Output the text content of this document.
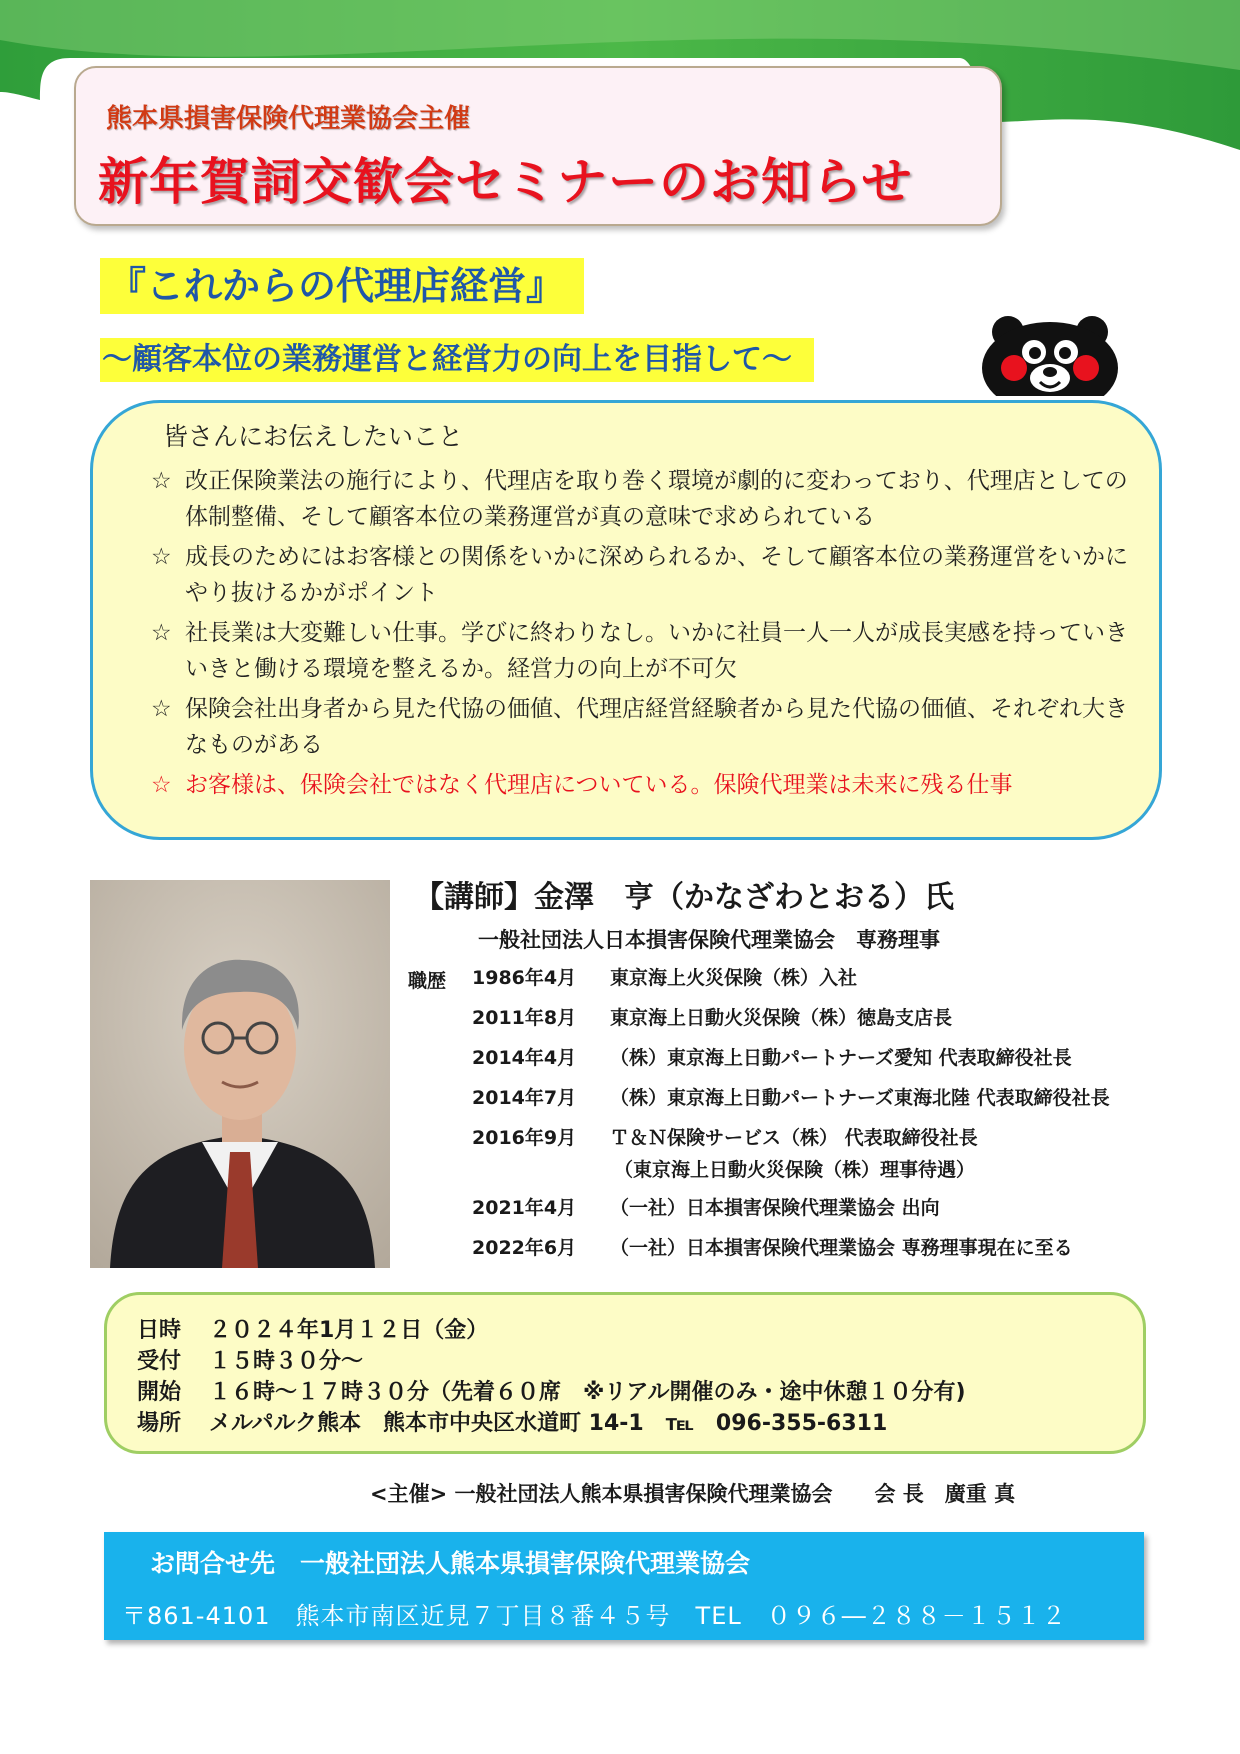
熊本県損害保険代理業協会主催
新年賀詞交歓会セミナーのお知らせ
『これからの代理店経営』
～顧客本位の業務運営と経営力の向上を目指して～
皆さんにお伝えしたいこと
☆ 改正保険業法の施行により、代理店を取り巻く環境が劇的に変わっており、代理店としての体制整備、そして顧客本位の業務運営が真の意味で求められている
☆ 成長のためにはお客様との関係をいかに深められるか、そして顧客本位の業務運営をいかにやり抜けるかがポイント
☆ 社長業は大変難しい仕事。学びに終わりなし。いかに社員一人一人が成長実感を持っていきいきと働ける環境を整えるか。経営力の向上が不可欠
☆ 保険会社出身者から見た代協の価値、代理店経営経験者から見た代協の価値、それぞれ大きなものがある
☆ お客様は、保険会社ではなく代理店についている。保険代理業は未来に残る仕事
【講師】金澤　亨（かなざわとおる）氏
一般社団法人日本損害保険代理業協会　専務理事
職歴 1986年4月 東京海上火災保険（株）入社
2011年8月 東京海上日動火災保険（株）徳島支店長
2014年4月 （株）東京海上日動パートナーズ愛知 代表取締役社長
2014年7月 （株）東京海上日動パートナーズ東海北陸 代表取締役社長
2016年9月 Ｔ＆Ｎ保険サービス（株） 代表取締役社長
（東京海上日動火災保険（株）理事待遇）
2021年4月 （一社）日本損害保険代理業協会 出向
2022年6月 （一社）日本損害保険代理業協会 専務理事現在に至る
日時 ２０２４年1月１２日（金）
受付 １５時３０分～
開始 １６時～１７時３０分（先着６０席　※リアル開催のみ・途中休憩１０分有)
場所 メルパルク熊本　熊本市中央区水道町 14-1　℡　096-355-6311
<主催> 一般社団法人熊本県損害保険代理業協会　　会 長　廣重 真
お問合せ先　一般社団法人熊本県損害保険代理業協会
〒861-4101　熊本市南区近見７丁目８番４５号　TEL　０９６―２８８－１５１２
